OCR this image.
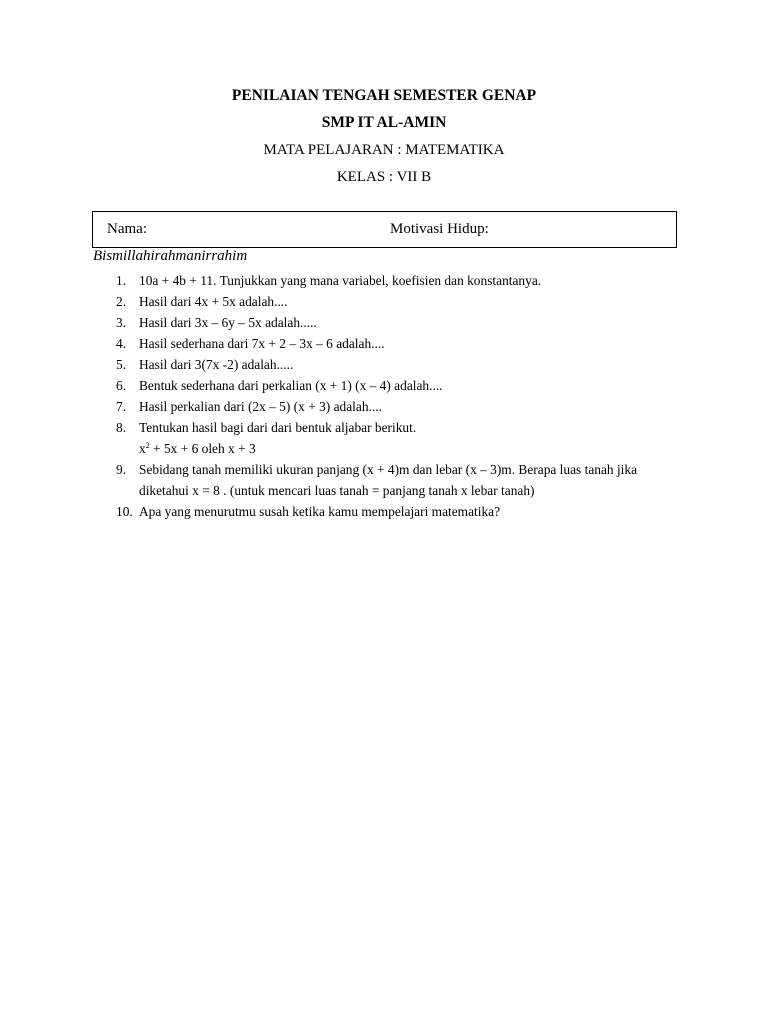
PENILAIAN TENGAH SEMESTER GENAP
SMP IT AL-AMIN
MATA PELAJARAN : MATEMATIKA
KELAS : VII B
Nama:	Motivasi Hidup:
Bismillahirahmanirrahim
1. 10a + 4b + 11. Tunjukkan yang mana variabel, koefisien dan konstantanya.
2. Hasil dari 4x + 5x adalah....
3. Hasil dari 3x – 6y – 5x adalah.....
4. Hasil sederhana dari 7x + 2 – 3x – 6 adalah....
5. Hasil dari 3(7x -2) adalah.....
6. Bentuk sederhana dari perkalian (x + 1) (x – 4) adalah....
7. Hasil perkalian dari (2x – 5) (x + 3) adalah....
8. Tentukan hasil bagi dari dari bentuk aljabar berikut.
$x^2 + 5x + 6$ oleh x + 3
9. Sebidang tanah memiliki ukuran panjang (x + 4)m dan lebar (x – 3)m. Berapa luas tanah jika diketahui x = 8 . (untuk mencari luas tanah = panjang tanah x lebar tanah)
10. Apa yang menurutmu susah ketika kamu mempelajari matematika?
